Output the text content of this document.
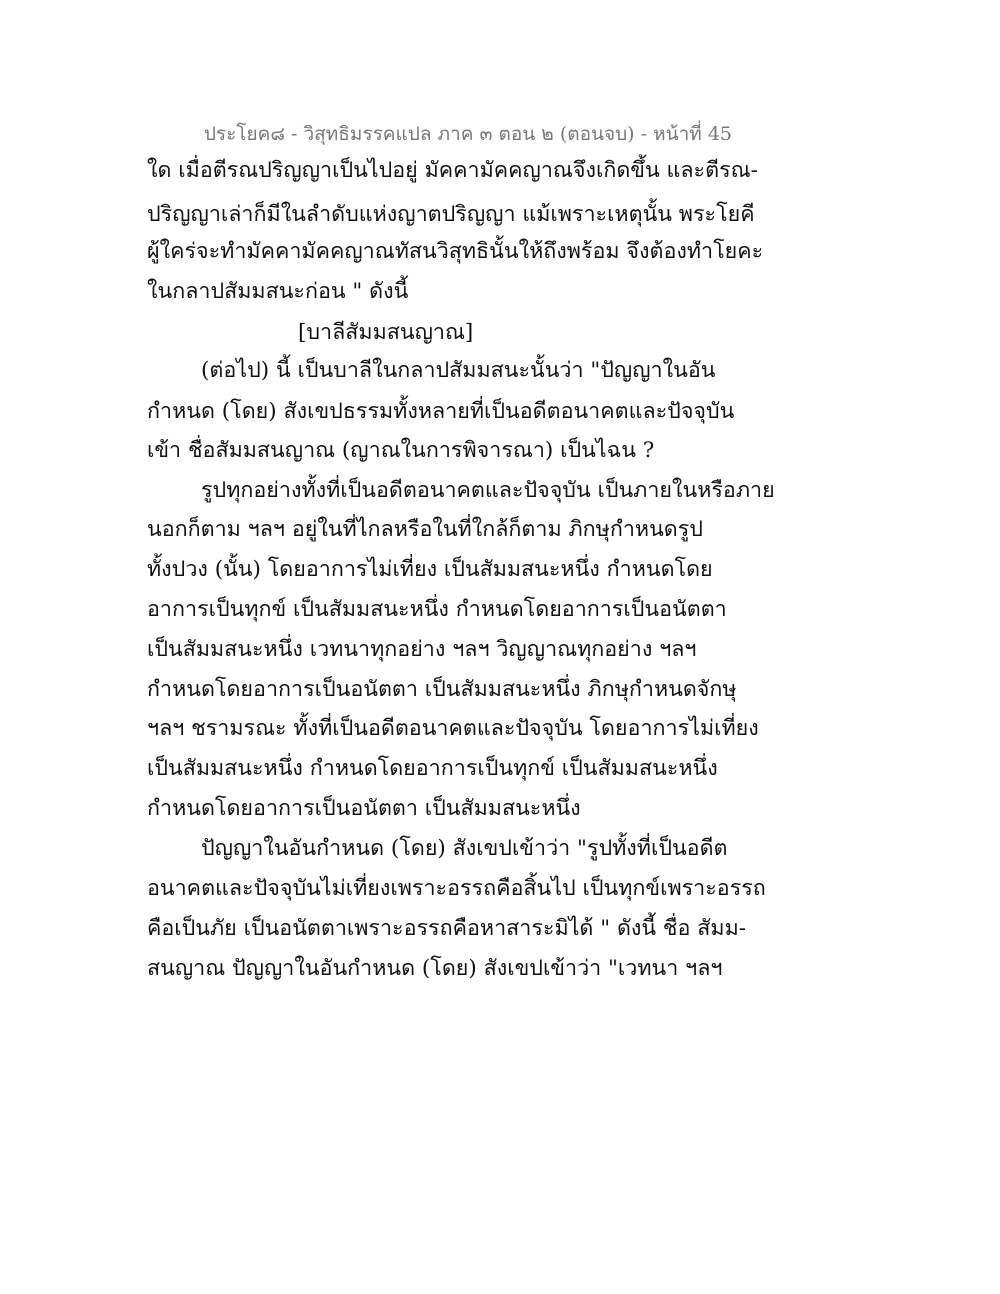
ประโยค๘ - วิสุทธิมรรคแปล ภาค ๓ ตอน ๒ (ตอนจบ) - หน้าที่ 45
ใด เมื่อตีรณปริญญาเป็นไปอยู่ มัคคามัคคญาณจึงเกิดขึ้น และตีรณ-
ปริญญาเล่าก็มีในลำดับแห่งญาตปริญญา แม้เพราะเหตุนั้น พระโยคี
ผู้ใคร่จะทำมัคคามัคคญาณทัสนวิสุทธินั้นให้ถึงพร้อม จึงต้องทำโยคะ
ในกลาปสัมมสนะก่อน " ดังนี้
[บาลีสัมมสนญาณ]
(ต่อไป) นี้ เป็นบาลีในกลาปสัมมสนะนั้นว่า "ปัญญาในอัน
กำหนด (โดย) สังเขปธรรมทั้งหลายที่เป็นอดีตอนาคตและปัจจุบัน
เข้า ชื่อสัมมสนญาณ (ญาณในการพิจารณา) เป็นไฉน ?
รูปทุกอย่างทั้งที่เป็นอดีตอนาคตและปัจจุบัน เป็นภายในหรือภาย
นอกก็ตาม ฯลฯ อยู่ในที่ไกลหรือในที่ใกล้ก็ตาม ภิกษุกำหนดรูป
ทั้งปวง (นั้น) โดยอาการไม่เที่ยง เป็นสัมมสนะหนึ่ง กำหนดโดย
อาการเป็นทุกข์ เป็นสัมมสนะหนึ่ง กำหนดโดยอาการเป็นอนัตตา
เป็นสัมมสนะหนึ่ง เวทนาทุกอย่าง ฯลฯ วิญญาณทุกอย่าง ฯลฯ
กำหนดโดยอาการเป็นอนัตตา เป็นสัมมสนะหนึ่ง ภิกษุกำหนดจักษุ
ฯลฯ ชรามรณะ ทั้งที่เป็นอดีตอนาคตและปัจจุบัน โดยอาการไม่เที่ยง
เป็นสัมมสนะหนึ่ง กำหนดโดยอาการเป็นทุกข์ เป็นสัมมสนะหนึ่ง
กำหนดโดยอาการเป็นอนัตตา เป็นสัมมสนะหนึ่ง
ปัญญาในอันกำหนด (โดย) สังเขปเข้าว่า "รูปทั้งที่เป็นอดีต
อนาคตและปัจจุบันไม่เที่ยงเพราะอรรถคือสิ้นไป เป็นทุกข์เพราะอรรถ
คือเป็นภัย เป็นอนัตตาเพราะอรรถคือหาสาระมิได้ " ดังนี้ ชื่อ สัมม-
สนญาณ ปัญญาในอันกำหนด (โดย) สังเขปเข้าว่า "เวทนา ฯลฯ
